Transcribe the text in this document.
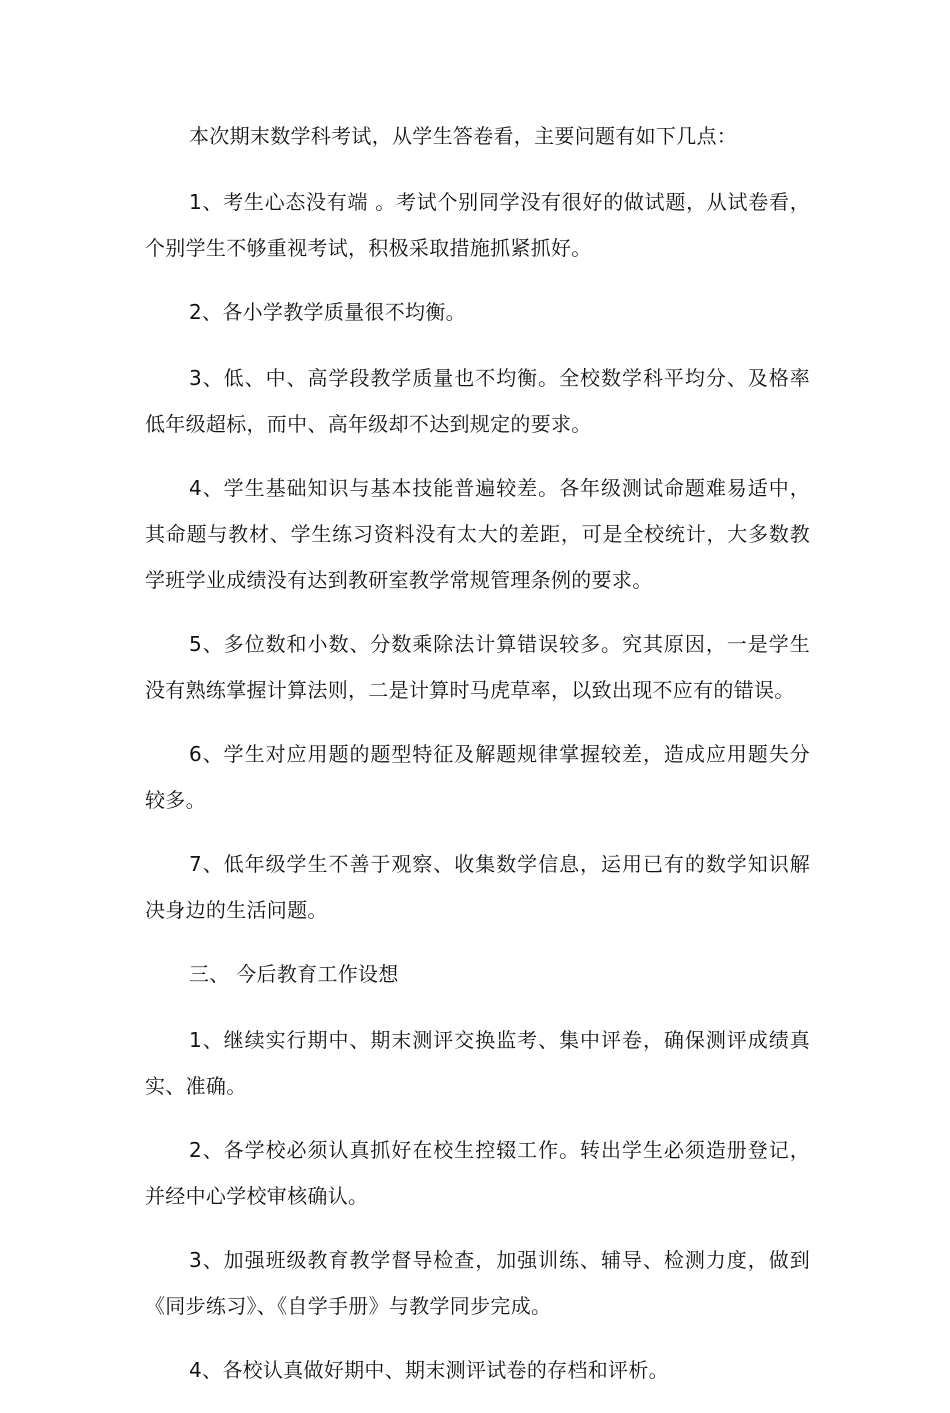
本次期末数学科考试，从学生答卷看，主要问题有如下几点：

1、考生心态没有端 。考试个别同学没有很好的做试题，从试卷看，个别学生不够重视考试，积极采取措施抓紧抓好。

2、各小学教学质量很不均衡。

3、低、中、高学段教学质量也不均衡。全校数学科平均分、及格率低年级超标，而中、高年级却不达到规定的要求。

4、学生基础知识与基本技能普遍较差。各年级测试命题难易适中，其命题与教材、学生练习资料没有太大的差距，可是全校统计，大多数教学班学业成绩没有达到教研室教学常规管理条例的要求。

5、多位数和小数、分数乘除法计算错误较多。究其原因，一是学生没有熟练掌握计算法则，二是计算时马虎草率，以致出现不应有的错误。

6、学生对应用题的题型特征及解题规律掌握较差，造成应用题失分较多。

7、低年级学生不善于观察、收集数学信息，运用已有的数学知识解决身边的生活问题。

三、 今后教育工作设想

1、继续实行期中、期末测评交换监考、集中评卷，确保测评成绩真实、准确。

2、各学校必须认真抓好在校生控辍工作。转出学生必须造册登记，并经中心学校审核确认。

3、加强班级教育教学督导检查，加强训练、辅导、检测力度，做到《同步练习》、《自学手册》与教学同步完成。

4、各校认真做好期中、期末测评试卷的存档和评析。
